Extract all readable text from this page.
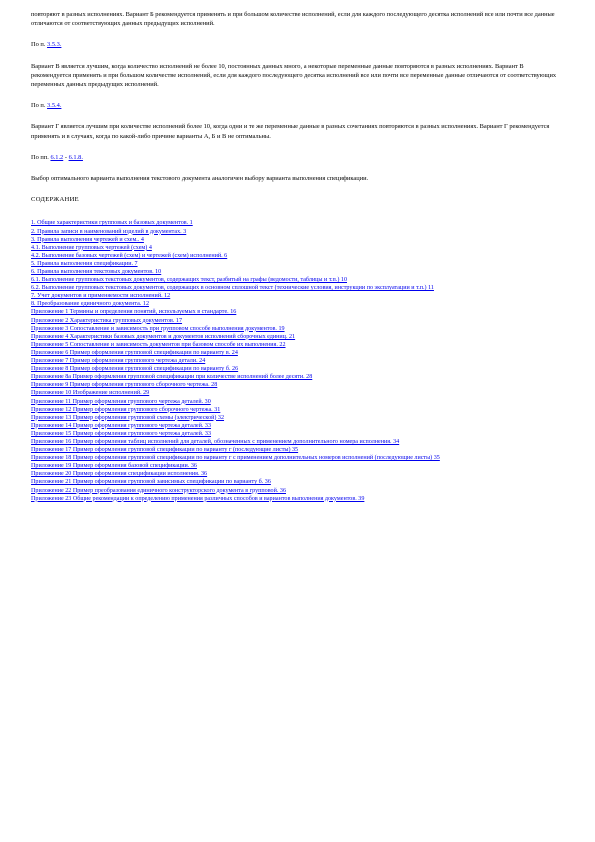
повторяют в разных исполнениях. Вариант Б рекомендуется применять и при большом количестве исполнений, если для каждого последующего десятка исполнений все или почти все данные отличаются от соответствующих данных предыдущих исполнений.

По п. 3.5.3.

Вариант В является лучшим, когда количество исполнений не более 10, постоянных данных много, а некоторые переменные данные повторяются в разных исполнениях. Вариант В рекомендуется применять и при большом количестве исполнений, если для каждого последующего десятка исполнений все или почти все переменные данные отличаются от соответствующих переменных данных предыдущих исполнений.

По п. 3.5.4.

Вариант Г является лучшим при количестве исполнений более 10, когда одни и те же переменные данные в разных сочетаниях повторяются в разных исполнениях. Вариант Г рекомендуется применять и в случаях, когда по какой-либо причине варианты А, Б и В не оптимальны.

По пп. 6.1.2 - 6.1.8.

Выбор оптимального варианта выполнения текстового документа аналогичен выбору варианта выполнения спецификации.

СОДЕРЖАНИЕ

1. Общие характеристики групповых и базовых документов. 1
2. Правила записи в наименований изделий в документах. 3
3. Правила выполнения чертежей и схем.. 4
4.1. Выполнение групповых чертежей (схем) 4
4.2. Выполнение базовых чертежей (схем) и чертежей (схем) исполнений. 6
5. Правила выполнения спецификации. 7
6. Правила выполнения текстовых документов. 10
6.1. Выполнение групповых текстовых документов, содержащих текст, разбитый на графы (ведомости, таблицы и т.п.) 10
6.2. Выполнение групповых текстовых документов, содержащих в основном сплошной текст (технические условия, инструкции по эксплуатации и т.п.) 11
7. Учет документов и применяемости исполнений. 12
8. Преобразование единичного документа. 12
Приложение 1 Термины и определения понятий, используемых в стандарте. 16
Приложение 2 Характеристика групповых документов. 17
Приложение 3 Сопоставление и зависимость при групповом способе выполнения документов. 19
Приложение 4 Характеристики базовых документов и документов исполнений сборочных единиц. 21
Приложение 5 Сопоставление и зависимость документов при базовом способе их выполнения. 22
Приложение 6 Пример оформления групповой спецификации по варианту в. 24
Приложение 7 Пример оформления группового чертежа детали. 24
Приложение 8 Пример оформления групповой спецификации по варианту б. 26
Приложение 8а Пример оформления групповой спецификации при количестве исполнений более десяти. 28
Приложение 9 Пример оформления группового сборочного чертежа. 28
Приложение 10 Изображение исполнений. 29
Приложение 11 Пример оформления группового чертежа деталей. 30
Приложение 12 Пример оформления группового сборочного чертежа. 31
Приложение 13 Пример оформления групповой схемы (электрической) 32
Приложение 14 Пример оформления группового чертежа деталей. 33
Приложение 15 Пример оформления группового чертежа деталей. 33
Приложение 16 Пример оформления таблиц исполнений для деталей, обозначенных с применением дополнительного номера исполнения. 34
Приложение 17 Пример оформления групповой спецификации по варианту г (последующие листы) 35
Приложение 18 Пример оформления групповой спецификации по варианту г с применением дополнительных номеров исполнений (последующие листы) 35
Приложение 19 Пример оформления базовой спецификации. 36
Приложение 20 Пример оформления спецификации исполнения. 36
Приложение 21 Пример оформления групповой зависимых спецификации по варианту б. 36
Приложение 22 Пример преобразования единичного конструкторского документа в групповой. 36
Приложение 23 Общие рекомендации к определению применения различных способов и вариантов выполнения документов. 39
